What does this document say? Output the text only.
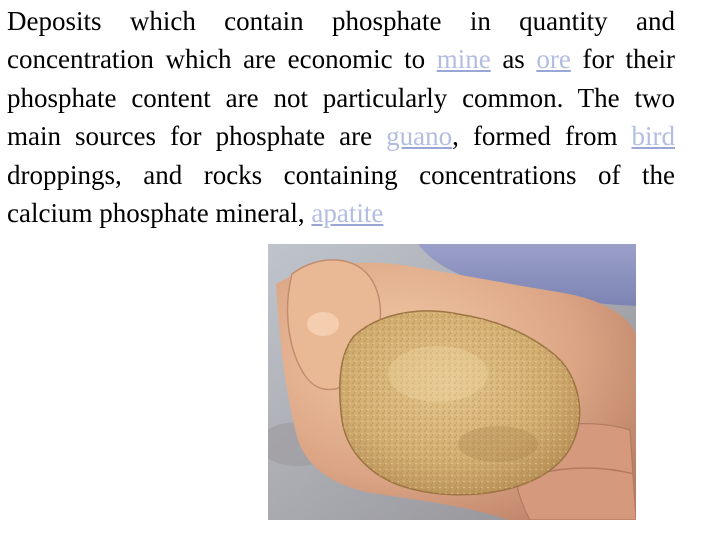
Deposits which contain phosphate in quantity and concentration which are economic to mine as ore for their phosphate content are not particularly common. The two main sources for phosphate are guano, formed from bird droppings, and rocks containing concentrations of the calcium phosphate mineral, apatite
